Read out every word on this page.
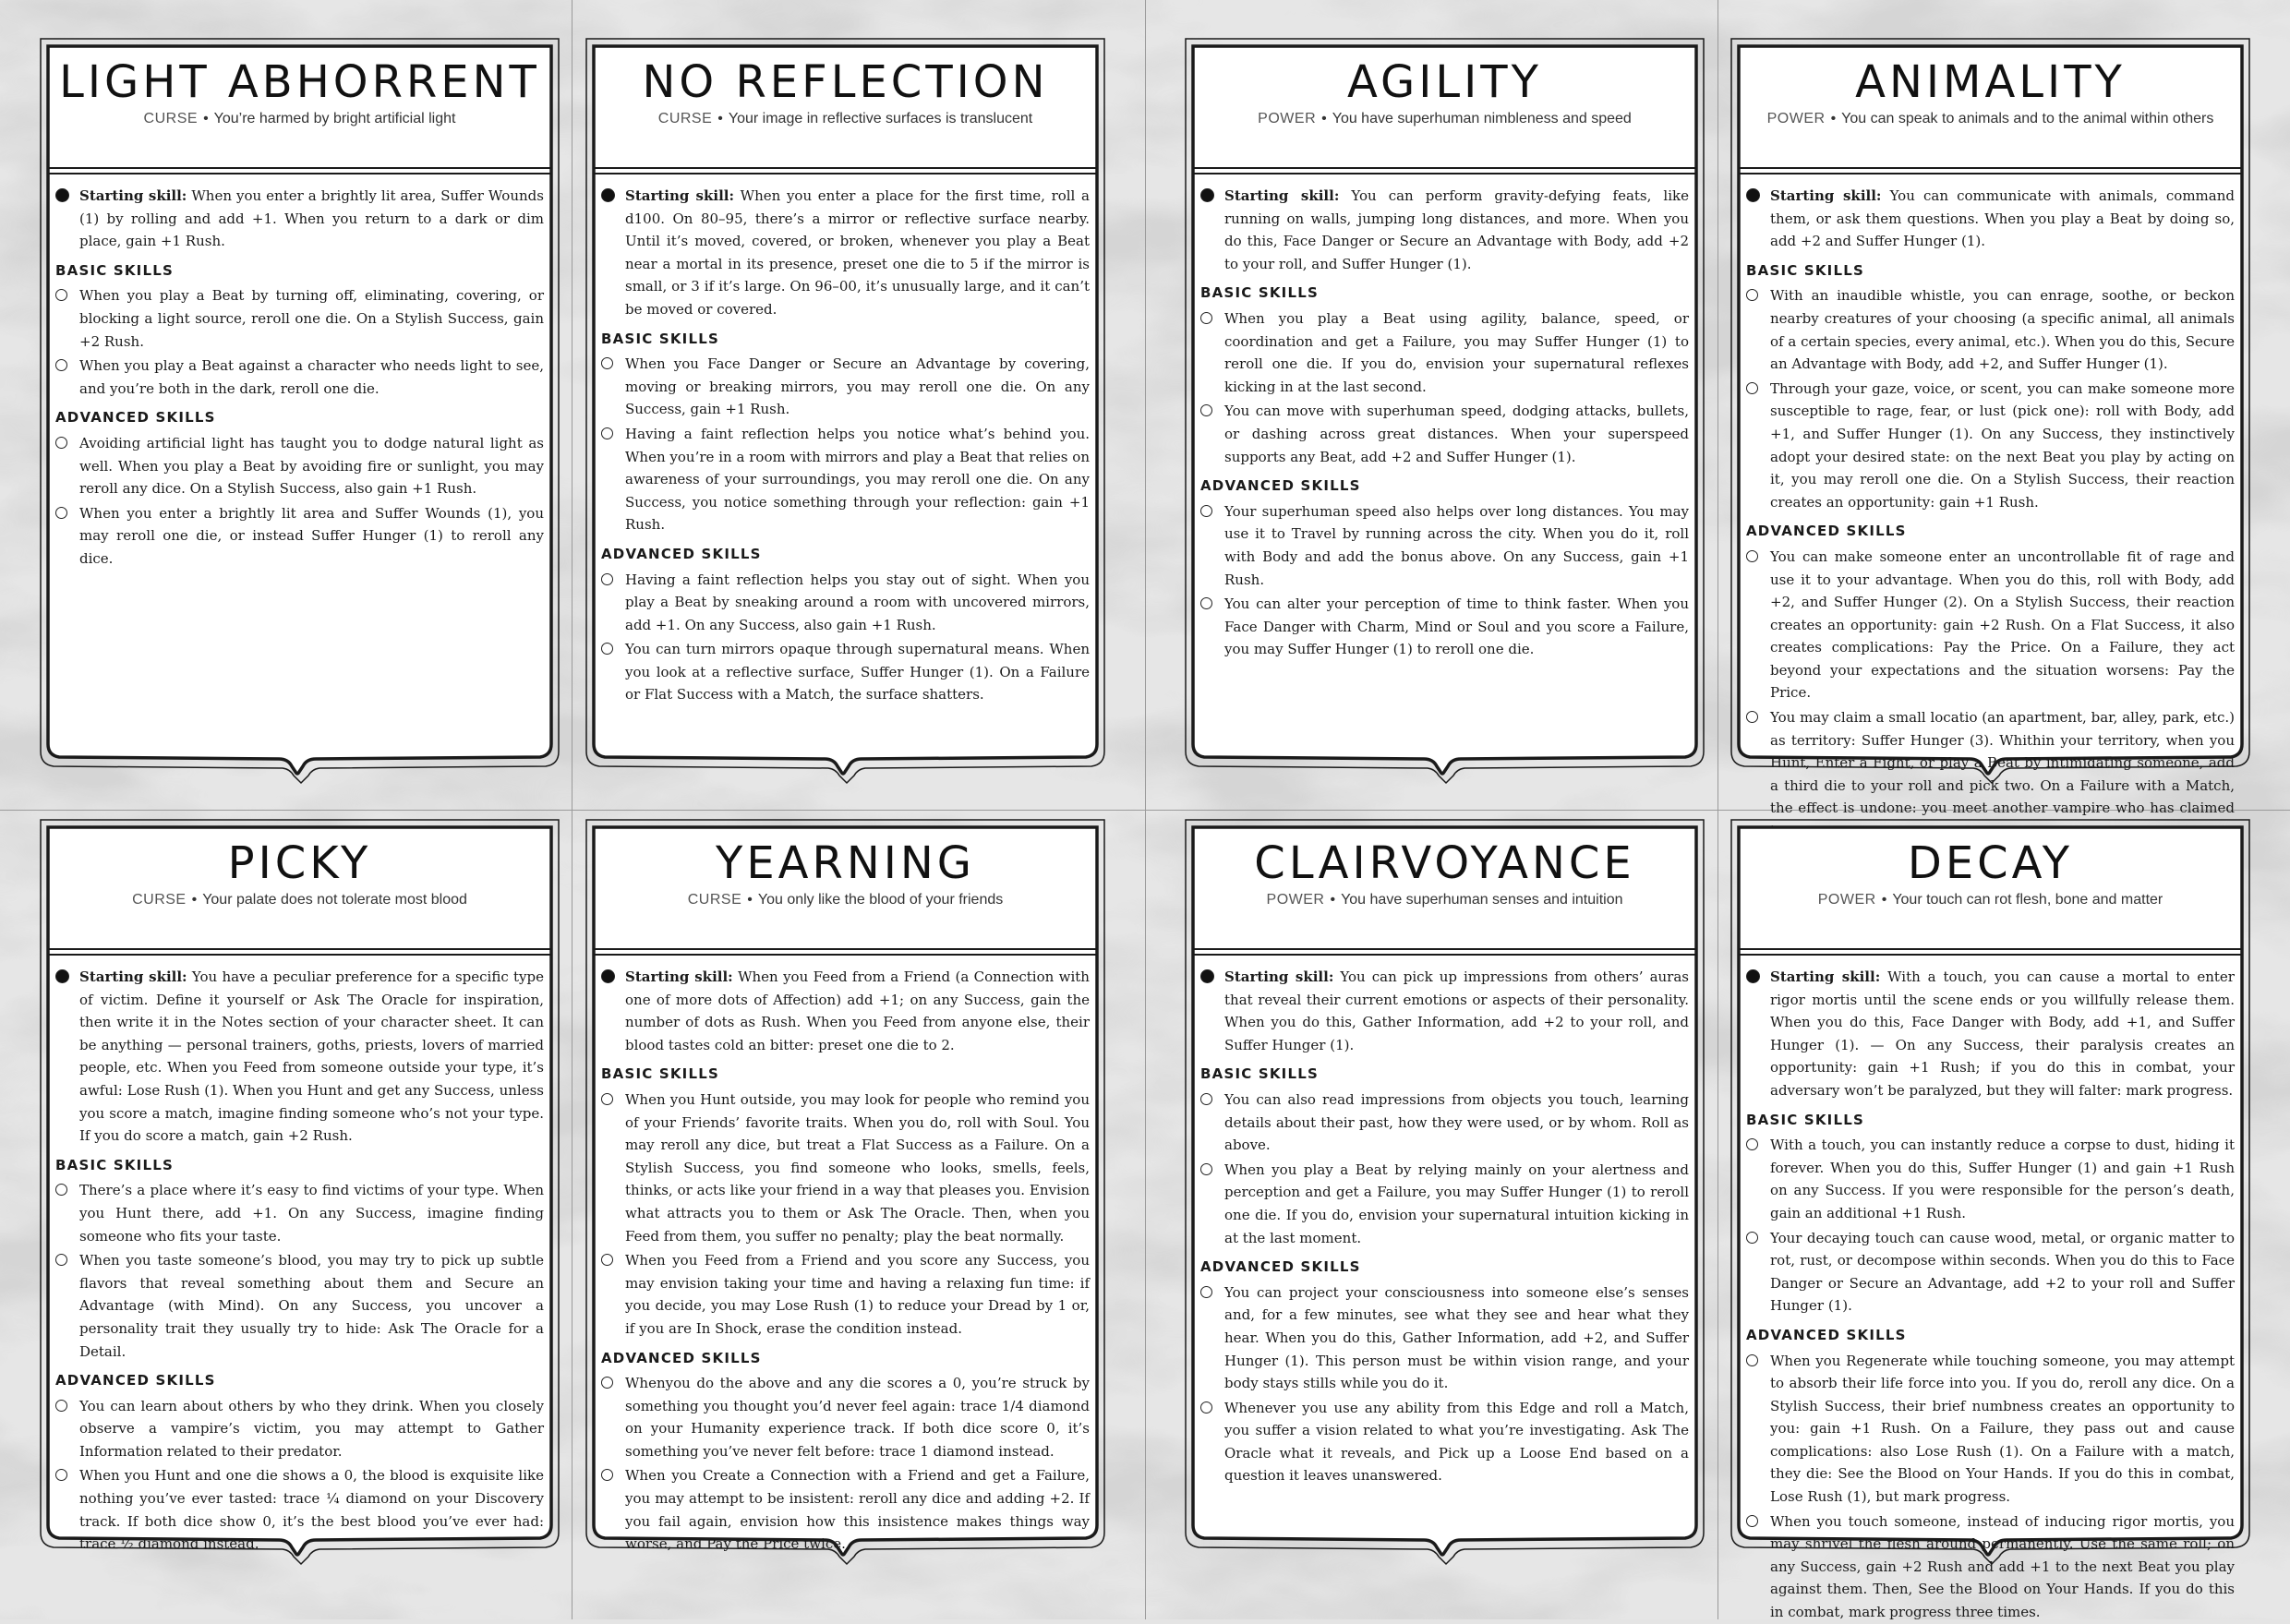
LIGHT ABHORRENT
CURSE • You’re harmed by bright artificial light
Starting skill: When you enter a brightly lit area, Suffer Wounds (1) by rolling and add +1. When you return to a dark or dim place, gain +1 Rush.
BASIC SKILLS
When you play a Beat by turning off, eliminating, covering, or blocking a light source, reroll one die. On a Stylish Success, gain +2 Rush.
When you play a Beat against a character who needs light to see, and you’re both in the dark, reroll one die.
ADVANCED SKILLS
Avoiding artificial light has taught you to dodge natural light as well. When you play a Beat by avoiding fire or sunlight, you may reroll any dice. On a Stylish Success, also gain +1 Rush.
When you enter a brightly lit area and Suffer Wounds (1), you may reroll one die, or instead Suffer Hunger (1) to reroll any dice.
NO REFLECTION
CURSE • Your image in reflective surfaces is translucent
Starting skill: When you enter a place for the first time, roll a d100. On 80–95, there’s a mirror or reflective surface nearby. Until it’s moved, covered, or broken, whenever you play a Beat near a mortal in its presence, preset one die to 5 if the mirror is small, or 3 if it’s large. On 96–00, it’s unusually large, and it can’t be moved or covered.
BASIC SKILLS
When you Face Danger or Secure an Advantage by covering, moving or breaking mirrors, you may reroll one die. On any Success, gain +1 Rush.
Having a faint reflection helps you notice what’s behind you. When you’re in a room with mirrors and play a Beat that relies on awareness of your surroundings, you may reroll one die. On any Success, you notice something through your reflection: gain +1 Rush.
ADVANCED SKILLS
Having a faint reflection helps you stay out of sight. When you play a Beat by sneaking around a room with uncovered mirrors, add +1. On any Success, also gain +1 Rush.
You can turn mirrors opaque through supernatural means. When you look at a reflective surface, Suffer Hunger (1). On a Failure or Flat Success with a Match, the surface shatters.
AGILITY
POWER • You have superhuman nimbleness and speed
Starting skill: You can perform gravity-defying feats, like running on walls, jumping long distances, and more. When you do this, Face Danger or Secure an Advantage with Body, add +2 to your roll, and Suffer Hunger (1).
BASIC SKILLS
When you play a Beat using agility, balance, speed, or coordination and get a Failure, you may Suffer Hunger (1) to reroll one die. If you do, envision your supernatural reflexes kicking in at the last second.
You can move with superhuman speed, dodging attacks, bullets, or dashing across great distances. When your superspeed supports any Beat, add +2 and Suffer Hunger (1).
ADVANCED SKILLS
Your superhuman speed also helps over long distances. You may use it to Travel by running across the city. When you do it, roll with Body and add the bonus above. On any Success, gain +1 Rush.
You can alter your perception of time to think faster. When you Face Danger with Charm, Mind or Soul and you score a Failure, you may Suffer Hunger (1) to reroll one die.
ANIMALITY
POWER • You can speak to animals and to the animal within others
Starting skill: You can communicate with animals, command them, or ask them questions. When you play a Beat by doing so, add +2 and Suffer Hunger (1).
BASIC SKILLS
With an inaudible whistle, you can enrage, soothe, or beckon nearby creatures of your choosing (a specific animal, all animals of a certain species, every animal, etc.). When you do this, Secure an Advantage with Body, add +2, and Suffer Hunger (1).
Through your gaze, voice, or scent, you can make someone more susceptible to rage, fear, or lust (pick one): roll with Body, add +1, and Suffer Hunger (1). On any Success, they instinctively adopt your desired state: on the next Beat you play by acting on it, you may reroll one die. On a Stylish Success, their reaction creates an opportunity: gain +1 Rush.
ADVANCED SKILLS
You can make someone enter an uncontrollable fit of rage and use it to your advantage. When you do this, roll with Body, add +2, and Suffer Hunger (2). On a Stylish Success, their reaction creates an opportunity: gain +2 Rush. On a Flat Success, it also creates complications: Pay the Price. On a Failure, they act beyond your expectations and the situation worsens: Pay the Price.
You may claim a small locatio (an apartment, bar, alley, park, etc.) as territory: Suffer Hunger (3). Whithin your territory, when you Hunt, Enter a Fight, or play a Beat by intimidating someone, add a third die to your roll and pick two. On a Failure with a Match, the effect is undone: you meet another vampire who has claimed
PICKY
CURSE • Your palate does not tolerate most blood
Starting skill: You have a peculiar preference for a specific type of victim. Define it yourself or Ask The Oracle for inspiration, then write it in the Notes section of your character sheet. It can be anything — personal trainers, goths, priests, lovers of married people, etc. When you Feed from someone outside your type, it’s awful: Lose Rush (1). When you Hunt and get any Success, unless you score a match, imagine finding someone who’s not your type. If you do score a match, gain +2 Rush.
BASIC SKILLS
There’s a place where it’s easy to find victims of your type. When you Hunt there, add +1. On any Success, imagine finding someone who fits your taste.
When you taste someone’s blood, you may try to pick up subtle flavors that reveal something about them and Secure an Advantage (with Mind). On any Success, you uncover a personality trait they usually try to hide: Ask The Oracle for a Detail.
ADVANCED SKILLS
You can learn about others by who they drink. When you closely observe a vampire’s victim, you may attempt to Gather Information related to their predator.
When you Hunt and one die shows a 0, the blood is exquisite like nothing you’ve ever tasted: trace ¼ diamond on your Discovery track. If both dice show 0, it’s the best blood you’ve ever had: trace ½ diamond instead.
YEARNING
CURSE • You only like the blood of your friends
Starting skill: When you Feed from a Friend (a Connection with one of more dots of Affection) add +1; on any Success, gain the number of dots as Rush. When you Feed from anyone else, their blood tastes cold an bitter: preset one die to 2.
BASIC SKILLS
When you Hunt outside, you may look for people who remind you of your Friends’ favorite traits. When you do, roll with Soul. You may reroll any dice, but treat a Flat Success as a Failure. On a Stylish Success, you find someone who looks, smells, feels, thinks, or acts like your friend in a way that pleases you. Envision what attracts you to them or Ask The Oracle. Then, when you Feed from them, you suffer no penalty; play the beat normally.
When you Feed from a Friend and you score any Success, you may envision taking your time and having a relaxing fun time: if you decide, you may Lose Rush (1) to reduce your Dread by 1 or, if you are In Shock, erase the condition instead.
ADVANCED SKILLS
Whenyou do the above and any die scores a 0, you’re struck by something you thought you’d never feel again: trace 1/4 diamond on your Humanity experience track. If both dice score 0, it’s something you’ve never felt before: trace 1 diamond instead.
When you Create a Connection with a Friend and get a Failure, you may attempt to be insistent: reroll any dice and adding +2. If you fail again, envision how this insistence makes things way worse, and Pay the Price twice.
CLAIRVOYANCE
POWER • You have superhuman senses and intuition
Starting skill: You can pick up impressions from others’ auras that reveal their current emotions or aspects of their personality. When you do this, Gather Information, add +2 to your roll, and Suffer Hunger (1).
BASIC SKILLS
You can also read impressions from objects you touch, learning details about their past, how they were used, or by whom. Roll as above.
When you play a Beat by relying mainly on your alertness and perception and get a Failure, you may Suffer Hunger (1) to reroll one die. If you do, envision your supernatural intuition kicking in at the last moment.
ADVANCED SKILLS
You can project your consciousness into someone else’s senses and, for a few minutes, see what they see and hear what they hear. When you do this, Gather Information, add +2, and Suffer Hunger (1). This person must be within vision range, and your body stays stills while you do it.
Whenever you use any ability from this Edge and roll a Match, you suffer a vision related to what you’re investigating. Ask The Oracle what it reveals, and Pick up a Loose End based on a question it leaves unanswered.
DECAY
POWER • Your touch can rot flesh, bone and matter
Starting skill: With a touch, you can cause a mortal to enter rigor mortis until the scene ends or you willfully release them. When you do this, Face Danger with Body, add +1, and Suffer Hunger (1). — On any Success, their paralysis creates an opportunity: gain +1 Rush; if you do this in combat, your adversary won’t be paralyzed, but they will falter: mark progress.
BASIC SKILLS
With a touch, you can instantly reduce a corpse to dust, hiding it forever. When you do this, Suffer Hunger (1) and gain +1 Rush on any Success. If you were responsible for the person’s death, gain an additional +1 Rush.
Your decaying touch can cause wood, metal, or organic matter to rot, rust, or decompose within seconds. When you do this to Face Danger or Secure an Advantage, add +2 to your roll and Suffer Hunger (1).
ADVANCED SKILLS
When you Regenerate while touching someone, you may attempt to absorb their life force into you. If you do, reroll any dice. On a Stylish Success, their brief numbness creates an opportunity to you: gain +1 Rush. On a Failure, they pass out and cause complications: also Lose Rush (1). On a Failure with a match, they die: See the Blood on Your Hands. If you do this in combat, Lose Rush (1), but mark progress.
When you touch someone, instead of inducing rigor mortis, you may shrivel the flesh around permanently. Use the same roll; on any Success, gain +2 Rush and add +1 to the next Beat you play against them. Then, See the Blood on Your Hands. If you do this in combat, mark progress three times.
